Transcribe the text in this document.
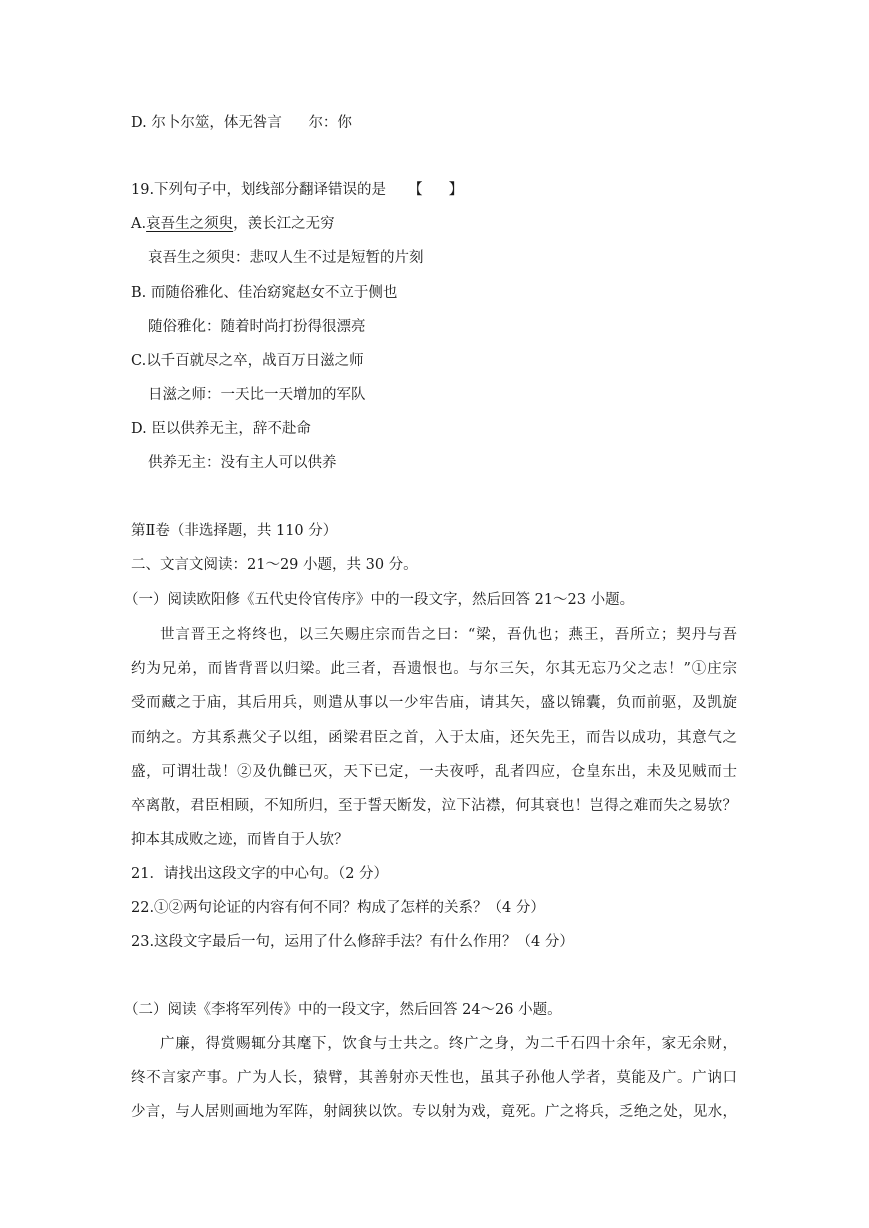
D. 尔卜尔筮，体无咎言 尔：你
19.下列句子中，划线部分翻译错误的是 【 】
A.哀吾生之须臾，羡长江之无穷
哀吾生之须臾：悲叹人生不过是短暂的片刻
B. 而随俗雅化、佳冶窈窕赵女不立于侧也
随俗雅化：随着时尚打扮得很漂亮
C.以千百就尽之卒，战百万日滋之师
日滋之师：一天比一天增加的军队
D. 臣以供养无主，辞不赴命
供养无主：没有主人可以供养
第Ⅱ卷（非选择题，共 110 分）
二、文言文阅读：21～29 小题，共 30 分。
（一）阅读欧阳修《五代史伶官传序》中的一段文字，然后回答 21～23 小题。
世言晋王之将终也，以三矢赐庄宗而告之曰：“梁，吾仇也；燕王，吾所立；契丹与吾
约为兄弟，而皆背晋以归梁。此三者，吾遗恨也。与尔三矢，尔其无忘乃父之志！”①庄宗
受而藏之于庙，其后用兵，则遣从事以一少牢告庙，请其矢，盛以锦囊，负而前驱，及凯旋
而纳之。方其系燕父子以组，函梁君臣之首，入于太庙，还矢先王，而告以成功，其意气之
盛，可谓壮哉！②及仇雠已灭，天下已定，一夫夜呼，乱者四应，仓皇东出，未及见贼而士
卒离散，君臣相顾，不知所归，至于誓天断发，泣下沾襟，何其衰也！岂得之难而失之易欤？
抑本其成败之迹，而皆自于人欤？
21．请找出这段文字的中心句。（2 分）
22.①②两句论证的内容有何不同？构成了怎样的关系？（4 分）
23.这段文字最后一句，运用了什么修辞手法？有什么作用？（4 分）
（二）阅读《李将军列传》中的一段文字，然后回答 24～26 小题。
广廉，得赏赐辄分其麾下，饮食与士共之。终广之身，为二千石四十余年，家无余财，
终不言家产事。广为人长，猿臂，其善射亦天性也，虽其子孙他人学者，莫能及广。广讷口
少言，与人居则画地为军阵，射阔狭以饮。专以射为戏，竟死。广之将兵，乏绝之处，见水，
